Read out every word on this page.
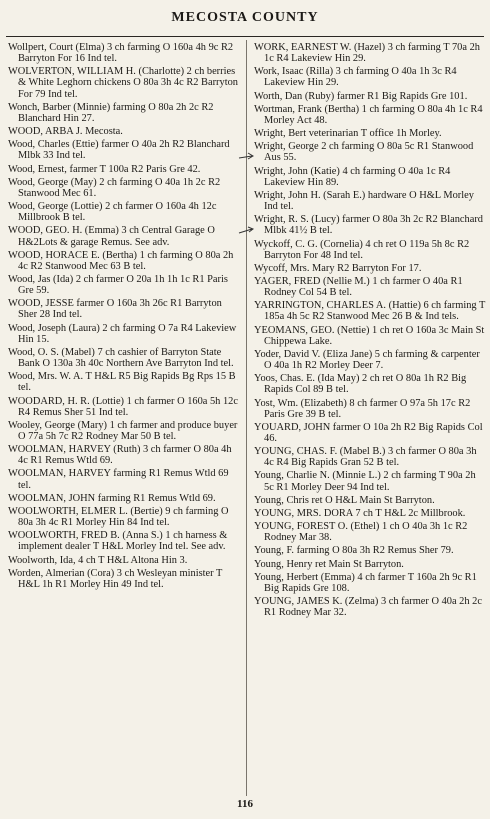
MECOSTA COUNTY
Wollpert, Court (Elma) 3 ch farming O 160a 4h 9c R2 Barryton For 16 Ind tel.
WOLVERTON, WILLIAM H. (Charlotte) 2 ch berries & White Leghorn chickens O 80a 3h 4c R2 Barryton For 79 Ind tel.
Wonch, Barber (Minnie) farming O 80a 2h 2c R2 Blanchard Hin 27.
WOOD, ARBA J. Mecosta.
Wood, Charles (Ettie) farmer O 40a 2h R2 Blanchard Mlbk 33 Ind tel.
Wood, Ernest, farmer T 100a R2 Paris Gre 42.
Wood, George (May) 2 ch farming O 40a 1h 2c R2 Stanwood Mec 61.
Wood, George (Lottie) 2 ch farmer O 160a 4h 12c Millbrook B tel.
WOOD, GEO. H. (Emma) 3 ch Central Garage O H&2Lots & garage Remus. See adv.
WOOD, HORACE E. (Bertha) 1 ch farming O 80a 2h 4c R2 Stanwood Mec 63 B tel.
Wood, Jas (Ida) 2 ch farmer O 20a 1h 1h 1c R1 Paris Gre 59.
WOOD, JESSE farmer O 160a 3h 26c R1 Barryton Sher 28 Ind tel.
Wood, Joseph (Laura) 2 ch farming O 7a R4 Lakeview Hin 15.
Wood, O. S. (Mabel) 7 ch cashier of Barryton State Bank O 130a 3h 40c Northern Ave Barryton Ind tel.
Wood, Mrs. W. A. T H&L R5 Big Rapids Bg Rps 15 B tel.
WOODARD, H. R. (Lottie) 1 ch farmer O 160a 5h 12c R4 Remus Sher 51 Ind tel.
Wooley, George (Mary) 1 ch farmer and produce buyer O 77a 5h 7c R2 Rodney Mar 50 B tel.
WOOLMAN, HARVEY (Ruth) 3 ch farmer O 80a 4h 4c R1 Remus Wtld 69.
WOOLMAN, HARVEY farming R1 Remus Wtld 69 tel.
WOOLMAN, JOHN farming R1 Remus Wtld 69.
WOOLWORTH, ELMER L. (Bertie) 9 ch farming O 80a 3h 4c R1 Morley Hin 84 Ind tel.
WOOLWORTH, FRED B. (Anna S.) 1 ch harness & implement dealer T H&L Morley Ind tel. See adv.
Woolworth, Ida, 4 ch T H&L Altona Hin 3.
Worden, Almerian (Cora) 3 ch Wesleyan minister T H&L 1h R1 Morley Hin 49 Ind tel.
WORK, EARNEST W. (Hazel) 3 ch farming T 70a 2h 1c R4 Lakeview Hin 29.
Work, Isaac (Rilla) 3 ch farming O 40a 1h 3c R4 Lakeview Hin 29.
Worth, Dan (Ruby) farmer R1 Big Rapids Gre 101.
Wortman, Frank (Bertha) 1 ch farming O 80a 4h 1c R4 Morley Act 48.
Wright, Bert veterinarian T office 1h Morley.
Wright, George 2 ch farming O 80a 5c R1 Stanwood Aus 55.
Wright, John (Katie) 4 ch farming O 40a 1c R4 Lakeview Hin 89.
Wright, John H. (Sarah E.) hardware O H&L Morley Ind tel.
Wright, R. S. (Lucy) farmer O 80a 3h 2c R2 Blanchard Mlbk 41½ B tel.
Wyckoff, C. G. (Cornelia) 4 ch ret O 119a 5h 8c R2 Barryton For 48 Ind tel.
Wycoff, Mrs. Mary R2 Barryton For 17.
YAGER, FRED (Nellie M.) 1 ch farmer O 40a R1 Rodney Col 54 B tel.
YARRINGTON, CHARLES A. (Hattie) 6 ch farming T 185a 4h 5c R2 Stanwood Mec 26 B & Ind tels.
YEOMANS, GEO. (Nettie) 1 ch ret O 160a 3c Main St Chippewa Lake.
Yoder, David V. (Eliza Jane) 5 ch farming & carpenter O 40a 1h R2 Morley Deer 7.
Yoos, Chas. E. (Ida May) 2 ch ret O 80a 1h R2 Big Rapids Col 89 B tel.
Yost, Wm. (Elizabeth) 8 ch farmer O 97a 5h 17c R2 Paris Gre 39 B tel.
YOUARD, JOHN farmer O 10a 2h R2 Big Rapids Col 46.
YOUNG, CHAS. F. (Mabel B.) 3 ch farmer O 80a 3h 4c R4 Big Rapids Gran 52 B tel.
Young, Charlie N. (Minnie L.) 2 ch farming T 90a 2h 5c R1 Morley Deer 94 Ind tel.
Young, Chris ret O H&L Main St Barryton.
YOUNG, MRS. DORA 7 ch T H&L 2c Millbrook.
YOUNG, FOREST O. (Ethel) 1 ch O 40a 3h 1c R2 Rodney Mar 38.
Young, F. farming O 80a 3h R2 Remus Sher 79.
Young, Henry ret Main St Barryton.
Young, Herbert (Emma) 4 ch farmer T 160a 2h 9c R1 Big Rapids Gre 108.
YOUNG, JAMES K. (Zelma) 3 ch farmer O 40a 2h 2c R1 Rodney Mar 32.
116
